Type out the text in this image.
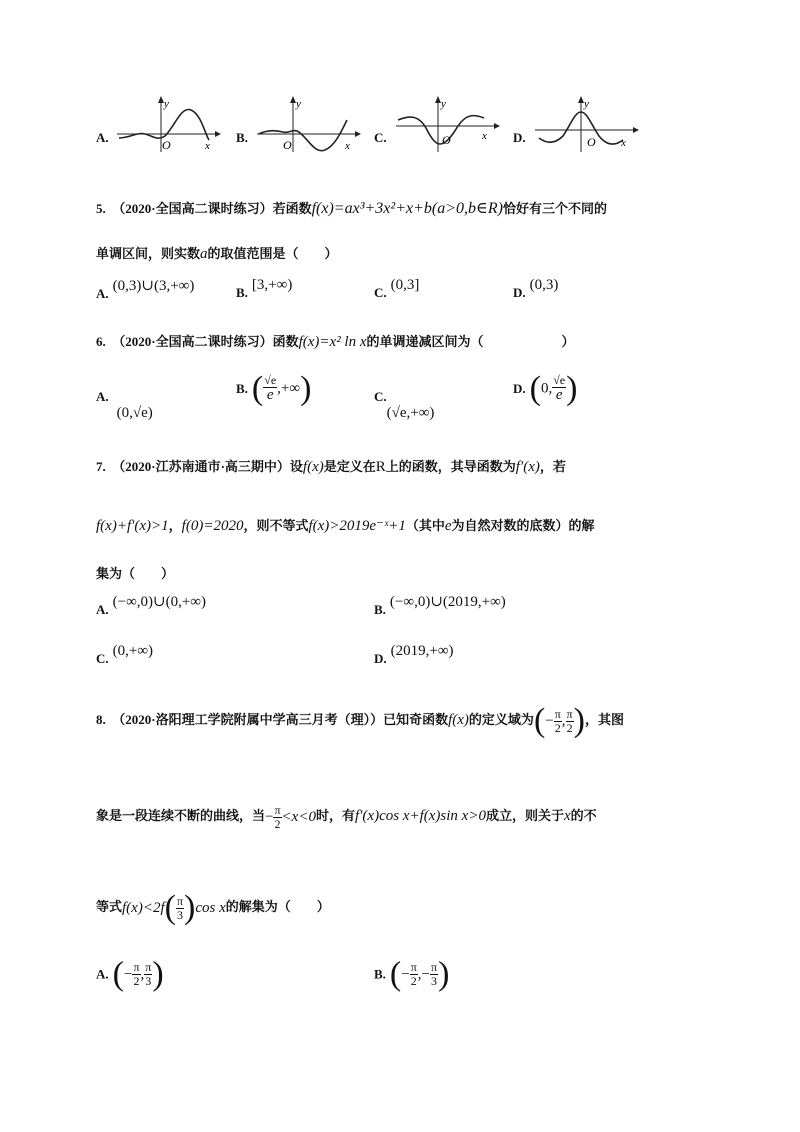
A.
y
O	x
B.
y
O	x
C.
y
O	x D.
y
O x
5.　（2020·全国高二课时练习）若函数f(x)=ax³+3x²+x+b(a>0,b∈R)恰好有三个不同的
单调区间，则实数a的取值范围是（　　）
$_{A.}$ (0,3)∪(3,+∞)	$_{B.}$ [3,+∞)	$_{C.}$ (0,3]	$_{D.}$ (0,3)
6.　（2020·全国高二课时练习）函数f(x)=x² ln x的单调递减区间为（　　　　　　）
A. (0,√e)
B. ( $\frac{√e}{e}$ ,+∞)	C. (√e,+∞)
D. (0, $\frac{√e}{e}$ )
7.　（2020·江苏南通市·高三期中）设f(x)是定义在R上的函数，其导函数为f′(x)，若
f(x)+f′(x)>1，f(0)=2020，则不等式f(x)>2019e⁻ˣ+1（其中e为自然对数的底数）的解
集为（　　）
$_{A.}$ (−∞,0)∪(0,+∞)	$_{B.}$ (−∞,0)∪(2019,+∞)
$_{C.}$ (0,+∞)	$_{D.}$ (2019,+∞)
8.　（2020·洛阳理工学院附属中学高三月考（理））已知奇函数f(x)的定义域为(− $\frac{\pi}{2}$ , $\frac{\pi}{2}$ )，其图
象是一段连续不断的曲线，当− $\frac{\pi}{2} <x<0$时，有f′(x)cos x+f(x)sin x>0成立，则关于x的不
等式$f(x)<2f( \frac{\pi}{3} )\cos$ x的解集为（　　）
A. (− $\frac{\pi}{2}$ , $\frac{\pi}{3}$ )	B. (− $\frac{\pi}{2}$ ,− $\frac{\pi}{3}$ )
